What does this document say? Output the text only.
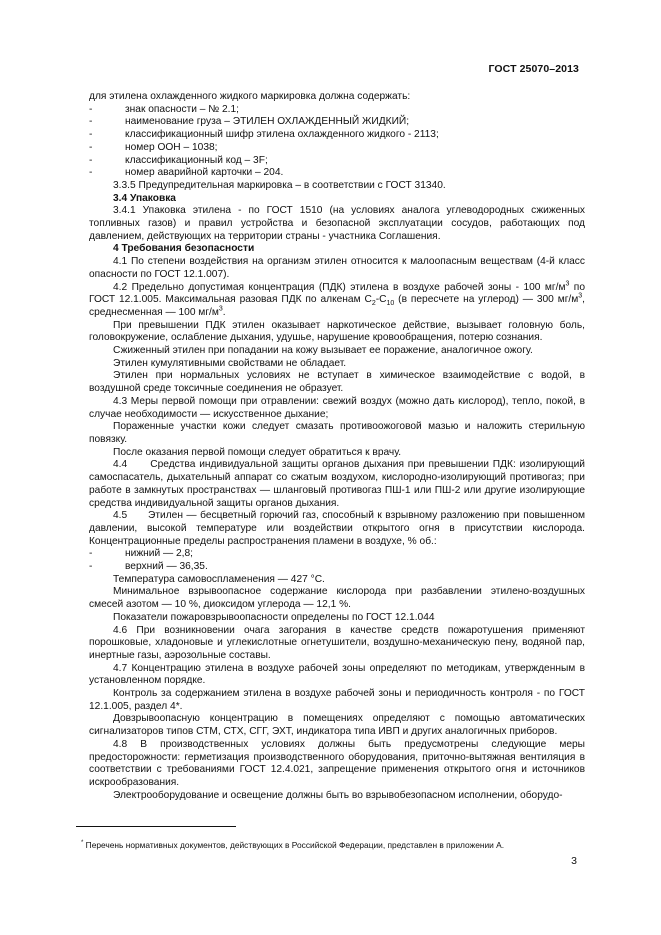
ГОСТ 25070–2013

для этилена охлажденного жидкого маркировка должна содержать:

-	знак опасности – № 2.1;
-	наименование груза – ЭТИЛЕН ОХЛАЖДЕННЫЙ ЖИДКИЙ;
-	классификационный шифр этилена охлажденного жидкого - 2113;
-	номер ООН – 1038;
-	классификационный код – 3F;
-	номер аварийной карточки – 204.

3.3.5 Предупредительная маркировка – в соответствии с ГОСТ 31340.

3.4 Упаковка

3.4.1 Упаковка этилена - по ГОСТ 1510 (на условиях аналога углеводородных сжиженных топливных газов) и правил устройства и безопасной эксплуатации сосудов, работающих под давлением, действующих на территории страны - участника Соглашения.

4 Требования безопасности

4.1 По степени воздействия на организм этилен относится к малоопасным веществам (4-й класс опасности по ГОСТ 12.1.007).

4.2 Предельно допустимая концентрация (ПДК) этилена в воздухе рабочей зоны - 100 $мг/м^3$ по ГОСТ 12.1.005. Максимальная разовая ПДК по алкенам $С_2-С_{10}$ (в пересчете на углерод) — 300 $мг/м^3$, среднесменная — 100 $мг/м^3$.

При превышении ПДК этилен оказывает наркотическое действие, вызывает головную боль, головокружение, ослабление дыхания, удушье, нарушение кровообращения, потерю сознания.

Сжиженный этилен при попадании на кожу вызывает ее поражение, аналогичное ожогу.

Этилен кумулятивными свойствами не обладает.

Этилен при нормальных условиях не вступает в химическое взаимодействие с водой, в воздушной среде токсичные соединения не образует.

4.3 Меры первой помощи при отравлении: свежий воздух (можно дать кислород), тепло, покой, в случае необходимости — искусственное дыхание;

Пораженные участки кожи следует смазать противоожоговой мазью и наложить стерильную повязку.

После оказания первой помощи следует обратиться к врачу.

4.4      Средства индивидуальной защиты органов дыхания при превышении ПДК: изолирующий самоспасатель, дыхательный аппарат со сжатым воздухом, кислородно-изолирующий противогаз; при работе в замкнутых пространствах — шланговый противогаз ПШ-1 или ПШ-2 или другие изолирующие средства индивидуальной защиты органов дыхания.

4.5      Этилен — бесцветный горючий газ, способный к взрывному разложению при повышенном давлении, высокой температуре или воздействии открытого огня в присутствии кислорода. Концентрационные пределы распространения пламени в воздухе, % об.:

-	нижний — 2,8;
-	верхний — 36,35.

Температура самовоспламенения — 427 °С.

Минимальное взрывоопасное содержание кислорода при разбавлении этилено-воздушных смесей азотом — 10 %, диоксидом углерода — 12,1 %.

Показатели пожаровзрывоопасности определены по ГОСТ 12.1.044

4.6 При возникновении очага загорания в качестве средств пожаротушения применяют порошковые, хладоновые и углекислотные огнетушители, воздушно-механическую пену, водяной пар, инертные газы, аэрозольные составы.

4.7 Концентрацию этилена в воздухе рабочей зоны определяют по методикам, утвержденным в установленном порядке.

Контроль за содержанием этилена в воздухе рабочей зоны и периодичность контроля - по ГОСТ 12.1.005, раздел 4*.

Довзрывоопасную концентрацию в помещениях определяют с помощью автоматических сигнализаторов типов СТМ, СТХ, СГГ, ЭХТ, индикатора типа ИВП и других аналогичных приборов.

4.8 В производственных условиях должны быть предусмотрены следующие меры предосторожности: герметизация производственного оборудования, приточно-вытяжная вентиляция в соответствии с требованиями ГОСТ 12.4.021, запрещение применения открытого огня и источников искрообразования.

Электрооборудование и освещение должны быть во взрывобезопасном исполнении, оборудо-

* Перечень нормативных документов, действующих в Российской Федерации, представлен в приложении А.
3
